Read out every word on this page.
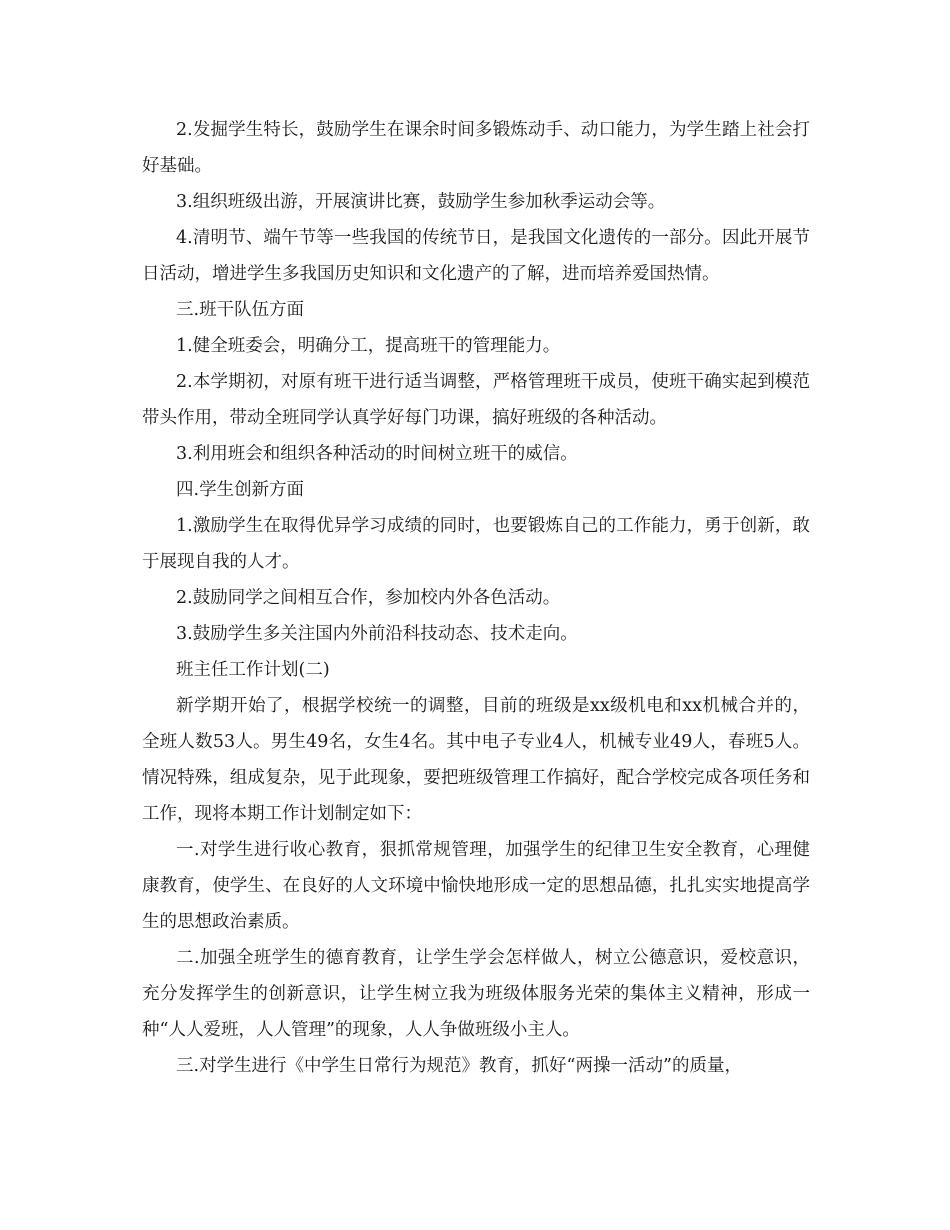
2.发掘学生特长，鼓励学生在课余时间多锻炼动手、动口能力，为学生踏上社会打好基础。

3.组织班级出游，开展演讲比赛，鼓励学生参加秋季运动会等。

4.清明节、端午节等一些我国的传统节日，是我国文化遗传的一部分。因此开展节日活动，增进学生多我国历史知识和文化遗产的了解，进而培养爱国热情。

三.班干队伍方面

1.健全班委会，明确分工，提高班干的管理能力。

2.本学期初，对原有班干进行适当调整，严格管理班干成员，使班干确实起到模范带头作用，带动全班同学认真学好每门功课，搞好班级的各种活动。

3.利用班会和组织各种活动的时间树立班干的威信。

四.学生创新方面

1.激励学生在取得优异学习成绩的同时，也要锻炼自己的工作能力，勇于创新，敢于展现自我的人才。

2.鼓励同学之间相互合作，参加校内外各色活动。

3.鼓励学生多关注国内外前沿科技动态、技术走向。

班主任工作计划(二)

新学期开始了，根据学校统一的调整，目前的班级是xx级机电和xx机械合并的，全班人数53人。男生49名，女生4名。其中电子专业4人，机械专业49人，春班5人。情况特殊，组成复杂，见于此现象，要把班级管理工作搞好，配合学校完成各项任务和工作，现将本期工作计划制定如下：

一.对学生进行收心教育，狠抓常规管理，加强学生的纪律卫生安全教育，心理健康教育，使学生、在良好的人文环境中愉快地形成一定的思想品德，扎扎实实地提高学生的思想政治素质。

二.加强全班学生的德育教育，让学生学会怎样做人，树立公德意识，爱校意识，充分发挥学生的创新意识，让学生树立我为班级体服务光荣的集体主义精神，形成一种“人人爱班，人人管理”的现象，人人争做班级小主人。

三.对学生进行《中学生日常行为规范》教育，抓好“两操一活动”的质量，
